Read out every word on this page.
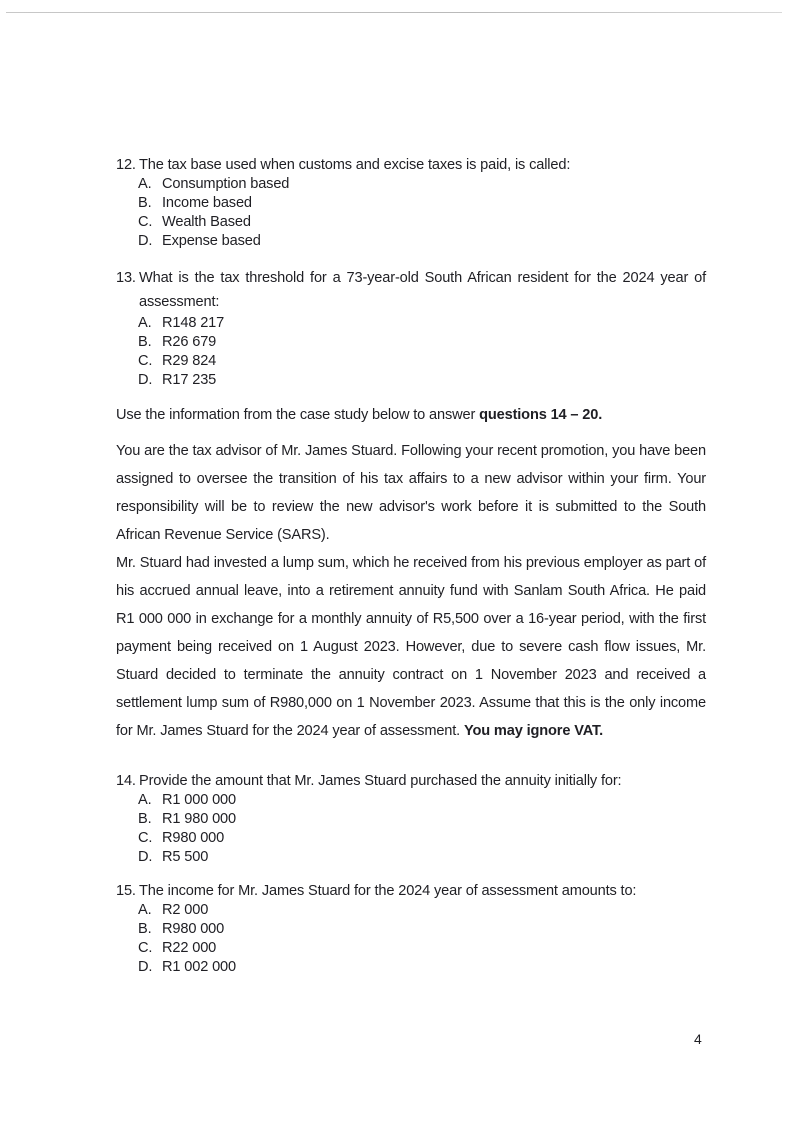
12. The tax base used when customs and excise taxes is paid, is called:
A. Consumption based
B. Income based
C. Wealth Based
D. Expense based
13. What is the tax threshold for a 73-year-old South African resident for the 2024 year of assessment:
A. R148 217
B. R26 679
C. R29 824
D. R17 235
Use the information from the case study below to answer questions 14 – 20.
You are the tax advisor of Mr. James Stuard. Following your recent promotion, you have been assigned to oversee the transition of his tax affairs to a new advisor within your firm. Your responsibility will be to review the new advisor's work before it is submitted to the South African Revenue Service (SARS).
Mr. Stuard had invested a lump sum, which he received from his previous employer as part of his accrued annual leave, into a retirement annuity fund with Sanlam South Africa. He paid R1 000 000 in exchange for a monthly annuity of R5,500 over a 16-year period, with the first payment being received on 1 August 2023. However, due to severe cash flow issues, Mr. Stuard decided to terminate the annuity contract on 1 November 2023 and received a settlement lump sum of R980,000 on 1 November 2023. Assume that this is the only income for Mr. James Stuard for the 2024 year of assessment. You may ignore VAT.
14. Provide the amount that Mr. James Stuard purchased the annuity initially for:
A. R1 000 000
B. R1 980 000
C. R980 000
D. R5 500
15. The income for Mr. James Stuard for the 2024 year of assessment amounts to:
A. R2 000
B. R980 000
C. R22 000
D. R1 002 000
4
